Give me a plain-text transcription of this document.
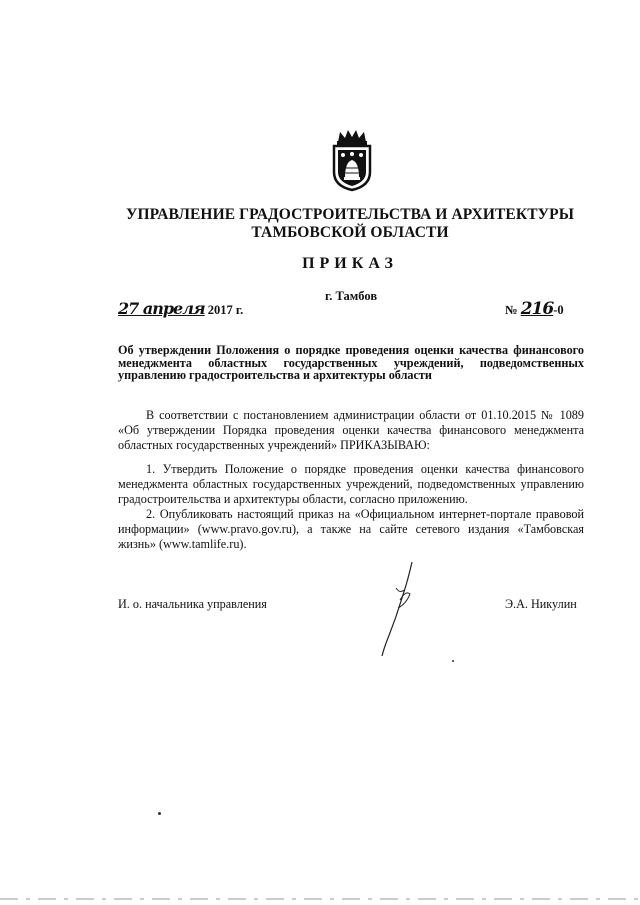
УПРАВЛЕНИЕ ГРАДОСТРОИТЕЛЬСТВА И АРХИТЕКТУРЫ
ТАМБОВСКОЙ ОБЛАСТИ
ПРИКАЗ
г. Тамбов
27 апреля 2017 г.	№ 216-0
Об утверждении Положения о порядке проведения оценки качества финансового менеджмента областных государственных учреждений, подведомственных управлению градостроительства и архитектуры области
В соответствии с постановлением администрации области от 01.10.2015 № 1089 «Об утверждении Порядка проведения оценки качества финансового менеджмента областных государственных учреждений» ПРИКАЗЫВАЮ:
1. Утвердить Положение о порядке проведения оценки качества финансового менеджмента областных государственных учреждений, подведомственных управлению градостроительства и архитектуры области, согласно приложению.
2. Опубликовать настоящий приказ на «Официальном интернет-портале правовой информации» (www.pravo.gov.ru), а также на сайте сетевого издания «Тамбовская жизнь» (www.tamlife.ru).
И. о. начальника управления	Э.А. Никулин
